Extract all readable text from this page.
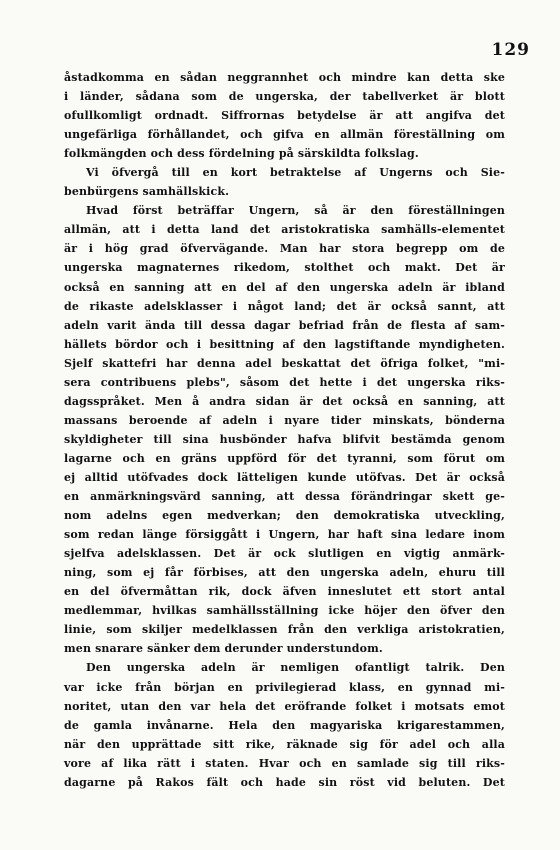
129
åstadkomma en sådan neggrannhet och mindre kan detta ske
i länder, sådana som de ungerska, der tabellverket är blott
ofullkomligt ordnadt. Siffrornas betydelse är att angifva det
ungefärliga förhållandet, och gifva en allmän föreställning om
folkmängden och dess fördelning på särskildta folkslag.
Vi öfvergå till en kort betraktelse af Ungerns och Sie-
benbürgens samhällskick.
Hvad först beträffar Ungern, så är den föreställningen
allmän, att i detta land det aristokratiska samhälls-elementet
är i hög grad öfvervägande. Man har stora begrepp om de
ungerska magnaternes rikedom, stolthet och makt. Det är
också en sanning att en del af den ungerska adeln är ibland
de rikaste adelsklasser i något land; det är också sannt, att
adeln varit ända till dessa dagar befriad från de flesta af sam-
hällets bördor och i besittning af den lagstiftande myndigheten.
Sjelf skattefri har denna adel beskattat det öfriga folket, "mi-
sera contribuens plebs", såsom det hette i det ungerska riks-
dagsspråket. Men å andra sidan är det också en sanning, att
massans beroende af adeln i nyare tider minskats, bönderna
skyldigheter till sina husbönder hafva blifvit bestämda genom
lagarne och en gräns uppförd för det tyranni, som förut om
ej alltid utöfvades dock lätteligen kunde utöfvas. Det är också
en anmärkningsvärd sanning, att dessa förändringar skett ge-
nom adelns egen medverkan; den demokratiska utveckling,
som redan länge försiggått i Ungern, har haft sina ledare inom
sjelfva adelsklassen. Det är ock slutligen en vigtig anmärk-
ning, som ej får förbises, att den ungerska adeln, ehuru till
en del öfvermåttan rik, dock äfven inneslutet ett stort antal
medlemmar, hvilkas samhällsställning icke höjer den öfver den
linie, som skiljer medelklassen från den verkliga aristokratien,
men snarare sänker dem derunder understundom.
Den ungerska adeln är nemligen ofantligt talrik. Den
var icke från början en privilegierad klass, en gynnad mi-
noritet, utan den var hela det eröfrande folket i motsats emot
de gamla invånarne. Hela den magyariska krigarestammen,
när den upprättade sitt rike, räknade sig för adel och alla
vore af lika rätt i staten. Hvar och en samlade sig till riks-
dagarne på Rakos fält och hade sin röst vid beluten. Det
